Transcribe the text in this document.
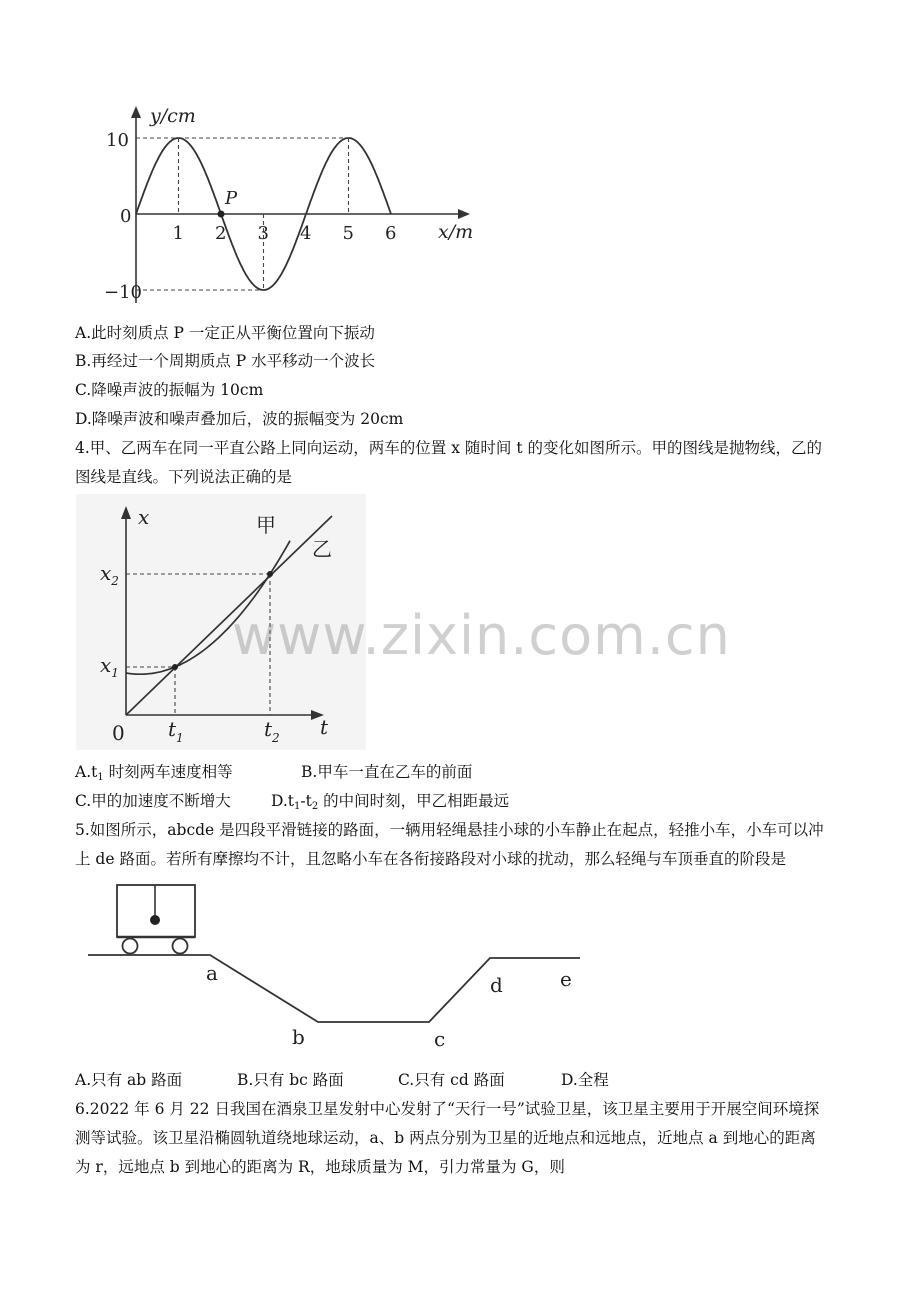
1 2 3 4 5 6
y/cm
x/m
10
0
−10
P
A.此时刻质点 P 一定正从平衡位置向下振动
B.再经过一个周期质点 P 水平移动一个波长
C.降噪声波的振幅为 10cm
D.降噪声波和噪声叠加后，波的振幅变为 20cm
4.甲、乙两车在同一平直公路上同向运动，两车的位置 x 随时间 t 的变化如图所示。甲的图线是抛物线，乙的
图线是直线。下列说法正确的是
x
t
0
$x_2$
$x_1$
$t_1$	$t_2$
甲
乙
www.zixin.com.cn
$A.t_1$ 时刻两车速度相等	B.甲车一直在乙车的前面
C.甲的加速度不断增大	$D.t_1-t_2$ 的中间时刻，甲乙相距最远
5.如图所示，abcde 是四段平滑链接的路面，一辆用轻绳悬挂小球的小车静止在起点，轻推小车，小车可以冲
上 de 路面。若所有摩擦均不计，且忽略小车在各衔接路段对小球的扰动，那么轻绳与车顶垂直的阶段是
a
b	c
d	e
A.只有 ab 路面	B.只有 bc 路面	C.只有 cd 路面	D.全程
6.2022 年 6 月 22 日我国在酒泉卫星发射中心发射了“天行一号”试验卫星，该卫星主要用于开展空间环境探
测等试验。该卫星沿椭圆轨道绕地球运动，a、b 两点分别为卫星的近地点和远地点，近地点 a 到地心的距离
为 r，远地点 b 到地心的距离为 R，地球质量为 M，引力常量为 G，则
